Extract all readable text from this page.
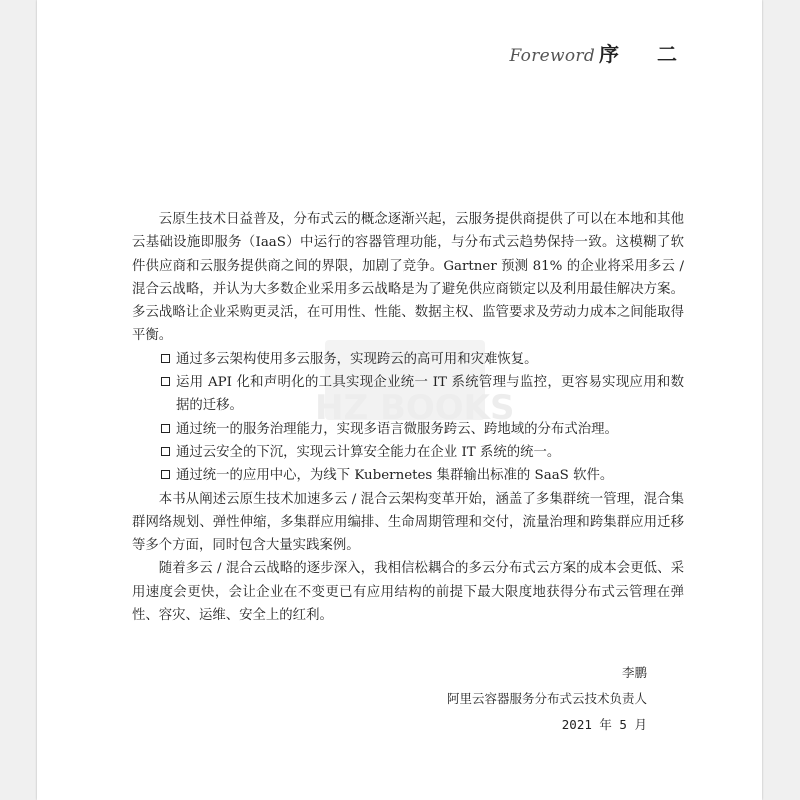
Foreword 序二
HZ BOOKS

云原生技术日益普及，分布式云的概念逐渐兴起，云服务提供商提供了可以在本地和其他云基础设施即服务（IaaS）中运行的容器管理功能，与分布式云趋势保持一致。这模糊了软件供应商和云服务提供商之间的界限，加剧了竞争。Gartner 预测 81% 的企业将采用多云 / 混合云战略，并认为大多数企业采用多云战略是为了避免供应商锁定以及利用最佳解决方案。多云战略让企业采购更灵活，在可用性、性能、数据主权、监管要求及劳动力成本之间能取得平衡。

通过多云架构使用多云服务，实现跨云的高可用和灾难恢复。
运用 API 化和声明化的工具实现企业统一 IT 系统管理与监控，更容易实现应用和数据的迁移。
通过统一的服务治理能力，实现多语言微服务跨云、跨地域的分布式治理。
通过云安全的下沉，实现云计算安全能力在企业 IT 系统的统一。
通过统一的应用中心，为线下 Kubernetes 集群输出标准的 SaaS 软件。

本书从阐述云原生技术加速多云 / 混合云架构变革开始，涵盖了多集群统一管理，混合集群网络规划、弹性伸缩，多集群应用编排、生命周期管理和交付，流量治理和跨集群应用迁移等多个方面，同时包含大量实践案例。

随着多云 / 混合云战略的逐步深入，我相信松耦合的多云分布式云方案的成本会更低、采用速度会更快，会让企业在不变更已有应用结构的前提下最大限度地获得分布式云管理在弹性、容灾、运维、安全上的红利。

李鹏
阿里云容器服务分布式云技术负责人
2021 年 5 月
